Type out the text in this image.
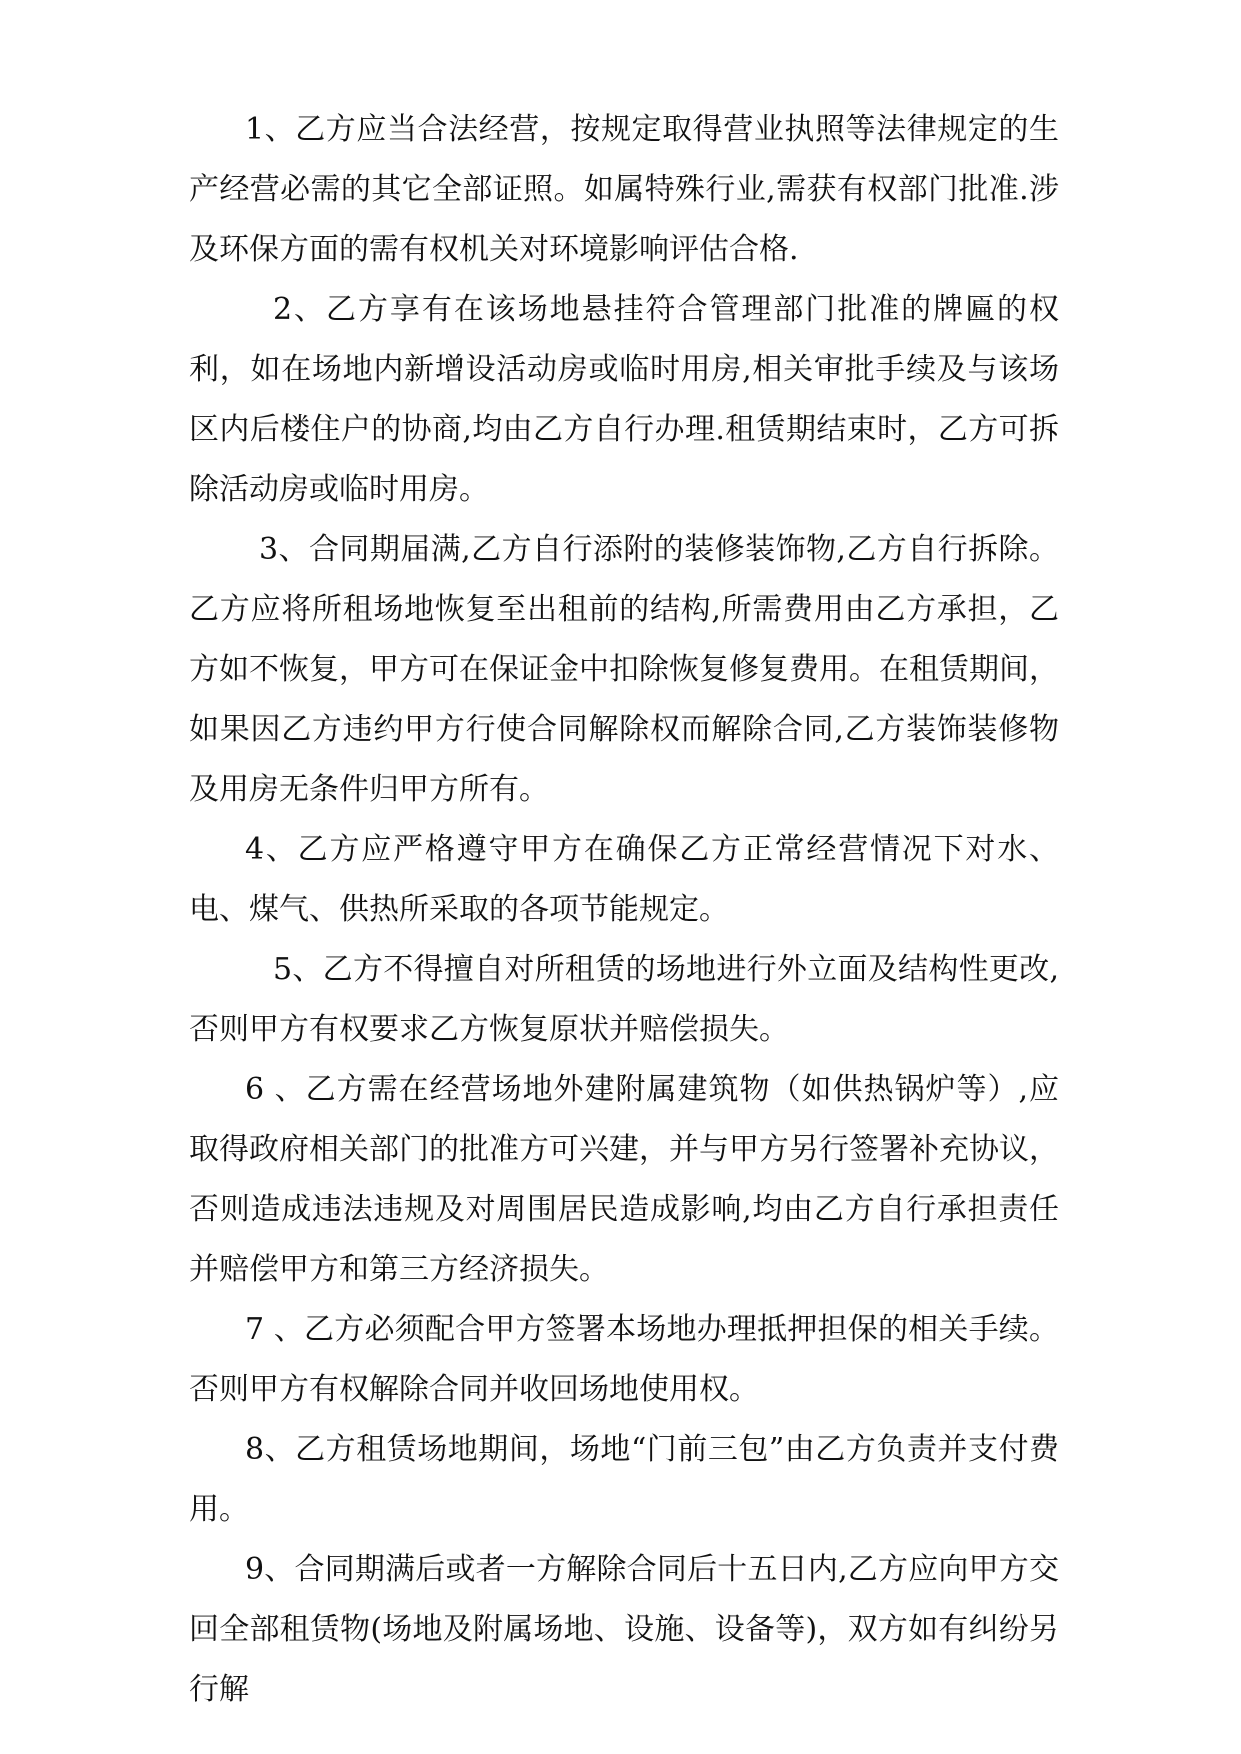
1、乙方应当合法经营，按规定取得营业执照等法律规定的生产经营必需的其它全部证照。如属特殊行业,需获有权部门批准.涉及环保方面的需有权机关对环境影响评估合格.

2、乙方享有在该场地悬挂符合管理部门批准的牌匾的权利，如在场地内新增设活动房或临时用房,相关审批手续及与该场区内后楼住户的协商,均由乙方自行办理.租赁期结束时，乙方可拆除活动房或临时用房。

3、合同期届满,乙方自行添附的装修装饰物,乙方自行拆除。乙方应将所租场地恢复至出租前的结构,所需费用由乙方承担，乙方如不恢复，甲方可在保证金中扣除恢复修复费用。在租赁期间，如果因乙方违约甲方行使合同解除权而解除合同,乙方装饰装修物及用房无条件归甲方所有。

4、乙方应严格遵守甲方在确保乙方正常经营情况下对水、电、煤气、供热所采取的各项节能规定。

5、乙方不得擅自对所租赁的场地进行外立面及结构性更改,否则甲方有权要求乙方恢复原状并赔偿损失。

6 、乙方需在经营场地外建附属建筑物（如供热锅炉等）,应取得政府相关部门的批准方可兴建，并与甲方另行签署补充协议，否则造成违法违规及对周围居民造成影响,均由乙方自行承担责任并赔偿甲方和第三方经济损失。

7 、乙方必须配合甲方签署本场地办理抵押担保的相关手续。否则甲方有权解除合同并收回场地使用权。

8、乙方租赁场地期间，场地“门前三包”由乙方负责并支付费用。

9、合同期满后或者一方解除合同后十五日内,乙方应向甲方交回全部租赁物(场地及附属场地、设施、设备等)，双方如有纠纷另行解
